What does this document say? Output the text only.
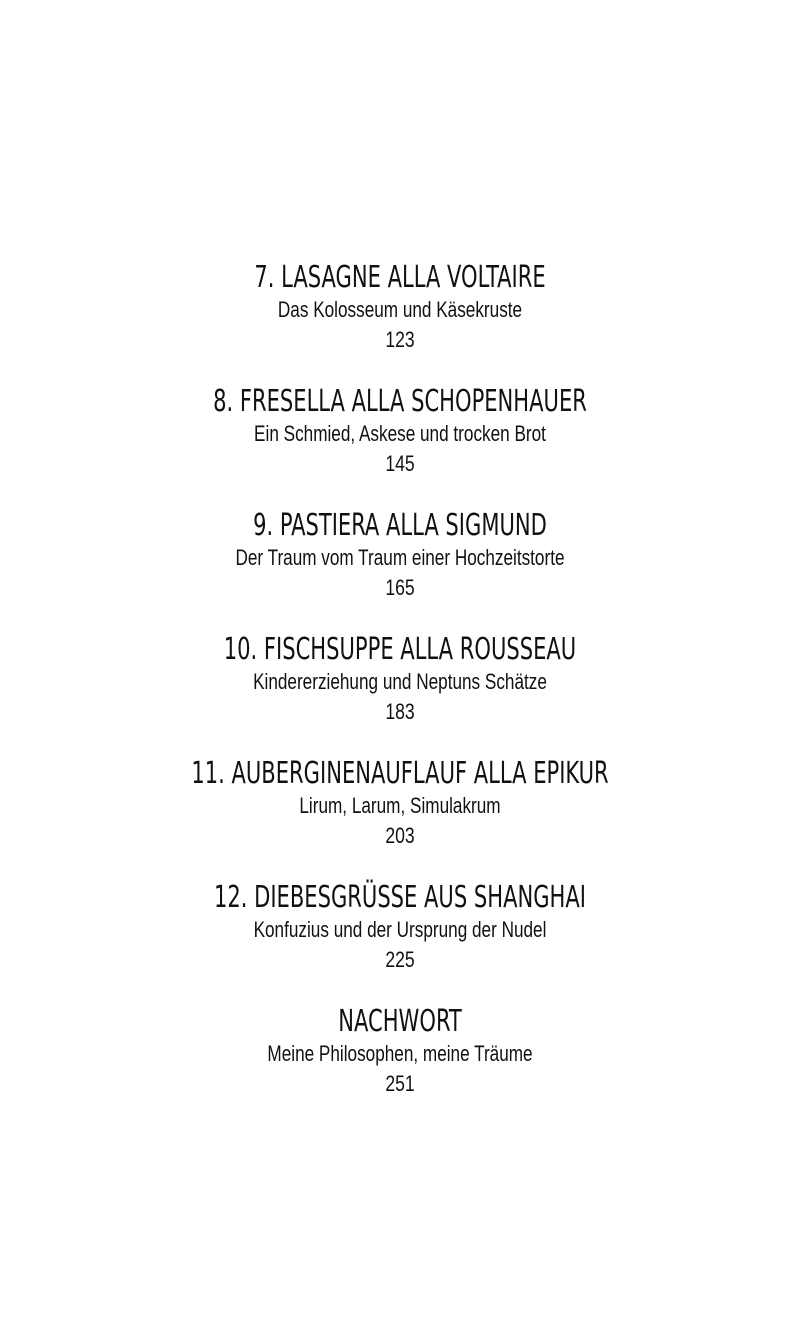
7. LASAGNE ALLA VOLTAIRE
Das Kolosseum und Käsekruste
123
8. FRESELLA ALLA SCHOPENHAUER
Ein Schmied, Askese und trocken Brot
145
9. PASTIERA ALLA SIGMUND
Der Traum vom Traum einer Hochzeitstorte
165
10. FISCHSUPPE ALLA ROUSSEAU
Kindererziehung und Neptuns Schätze
183
11. AUBERGINENAUFLAUF ALLA EPIKUR
Lirum, Larum, Simulakrum
203
12. DIEBESGRÜSSE AUS SHANGHAI
Konfuzius und der Ursprung der Nudel
225
NACHWORT
Meine Philosophen, meine Träume
251
